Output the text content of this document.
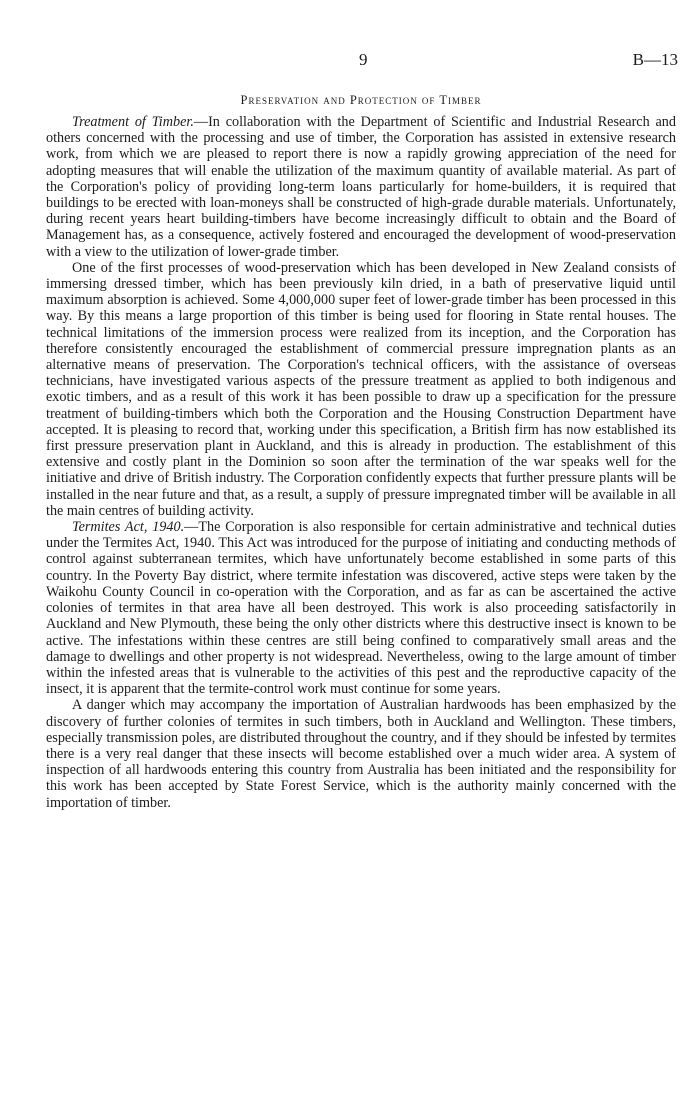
9	B—13
Preservation and Protection of Timber

Treatment of Timber.—In collaboration with the Department of Scientific and Industrial Research and others concerned with the processing and use of timber, the Corporation has assisted in extensive research work, from which we are pleased to report there is now a rapidly growing appreciation of the need for adopting measures that will enable the utilization of the maximum quantity of available material. As part of the Corporation's policy of providing long-term loans particularly for home-builders, it is required that buildings to be erected with loan-moneys shall be constructed of high-grade durable materials. Unfortunately, during recent years heart building-timbers have become increasingly difficult to obtain and the Board of Management has, as a consequence, actively fostered and encouraged the development of wood-preservation with a view to the utilization of lower-grade timber.

One of the first processes of wood-preservation which has been developed in New Zealand consists of immersing dressed timber, which has been previously kiln dried, in a bath of preservative liquid until maximum absorption is achieved. Some 4,000,000 super feet of lower-grade timber has been processed in this way. By this means a large proportion of this timber is being used for flooring in State rental houses. The technical limitations of the immersion process were realized from its inception, and the Corporation has therefore consistently encouraged the establishment of commercial pressure impregnation plants as an alternative means of preservation. The Corporation's technical officers, with the assistance of overseas technicians, have investigated various aspects of the pressure treatment as applied to both indigenous and exotic timbers, and as a result of this work it has been possible to draw up a specification for the pressure treatment of building-timbers which both the Corporation and the Housing Construction Department have accepted. It is pleasing to record that, working under this specification, a British firm has now established its first pressure preservation plant in Auckland, and this is already in production. The establishment of this extensive and costly plant in the Dominion so soon after the termination of the war speaks well for the initiative and drive of British industry. The Corporation confidently expects that further pressure plants will be installed in the near future and that, as a result, a supply of pressure impregnated timber will be available in all the main centres of building activity.

Termites Act, 1940.—The Corporation is also responsible for certain administrative and technical duties under the Termites Act, 1940. This Act was introduced for the purpose of initiating and conducting methods of control against subterranean termites, which have unfortunately become established in some parts of this country. In the Poverty Bay district, where termite infestation was discovered, active steps were taken by the Waikohu County Council in co-operation with the Corporation, and as far as can be ascertained the active colonies of termites in that area have all been destroyed. This work is also proceeding satisfactorily in Auckland and New Plymouth, these being the only other districts where this destructive insect is known to be active. The infestations within these centres are still being confined to comparatively small areas and the damage to dwellings and other property is not widespread. Nevertheless, owing to the large amount of timber within the infested areas that is vulnerable to the activities of this pest and the reproductive capacity of the insect, it is apparent that the termite-control work must continue for some years.

A danger which may accompany the importation of Australian hardwoods has been emphasized by the discovery of further colonies of termites in such timbers, both in Auckland and Wellington. These timbers, especially transmission poles, are distributed throughout the country, and if they should be infested by termites there is a very real danger that these insects will become established over a much wider area. A system of inspection of all hardwoods entering this country from Australia has been initiated and the responsibility for this work has been accepted by State Forest Service, which is the authority mainly concerned with the importation of timber.
